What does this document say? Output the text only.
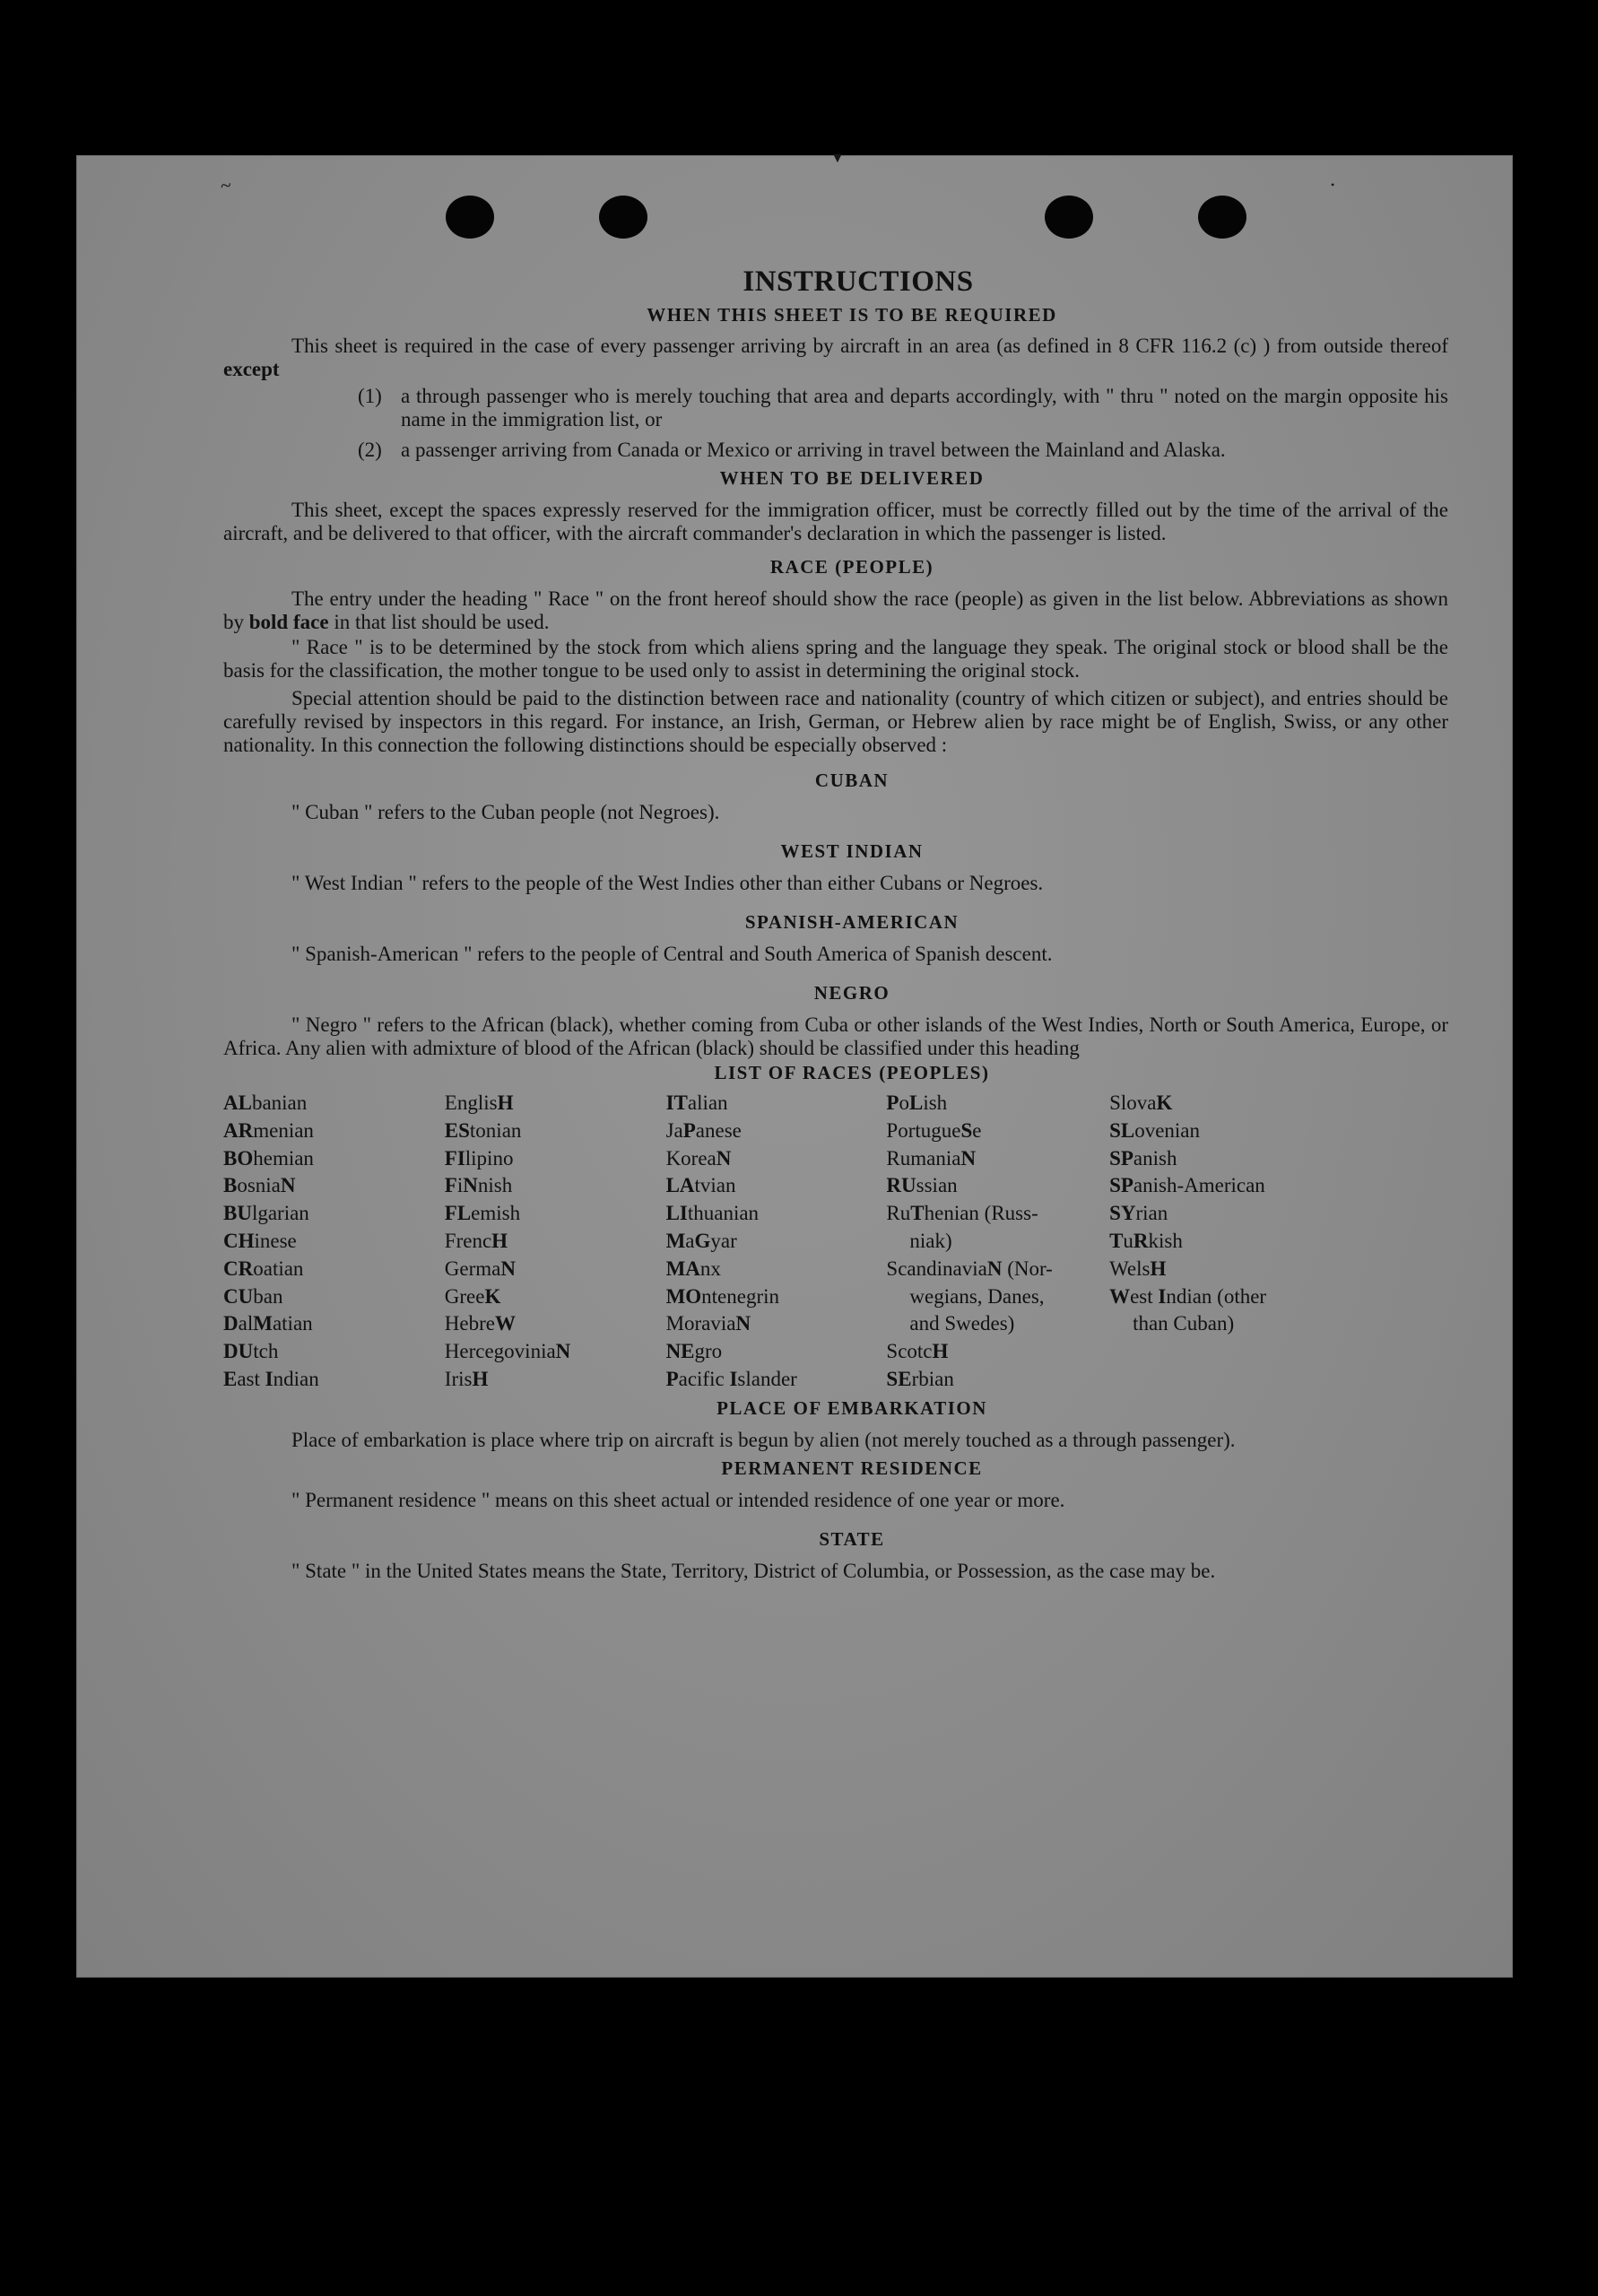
~
▼
•
INSTRUCTIONS
WHEN THIS SHEET IS TO BE REQUIRED

This sheet is required in the case of every passenger arriving by aircraft in an area (as defined in 8 CFR 116.2 (c) ) from outside thereof except

(1) a through passenger who is merely touching that area and departs accordingly, with " thru " noted on the margin opposite his name in the immigration list, or
(2) a passenger arriving from Canada or Mexico or arriving in travel between the Mainland and Alaska.
WHEN TO BE DELIVERED

This sheet, except the spaces expressly reserved for the immigration officer, must be correctly filled out by the time of the arrival of the aircraft, and be delivered to that officer, with the aircraft commander's declaration in which the passenger is listed.

RACE (PEOPLE)

The entry under the heading " Race " on the front hereof should show the race (people) as given in the list below. Abbreviations as shown by bold face in that list should be used.

" Race " is to be determined by the stock from which aliens spring and the language they speak. The original stock or blood shall be the basis for the classification, the mother tongue to be used only to assist in determining the original stock.

Special attention should be paid to the distinction between race and nationality (country of which citizen or subject), and entries should be carefully revised by inspectors in this regard. For instance, an Irish, German, or Hebrew alien by race might be of English, Swiss, or any other nationality. In this connection the following distinctions should be especially observed :

CUBAN

" Cuban " refers to the Cuban people (not Negroes).

WEST INDIAN

" West Indian " refers to the people of the West Indies other than either Cubans or Negroes.

SPANISH-AMERICAN

" Spanish-American " refers to the people of Central and South America of Spanish descent.

NEGRO

" Negro " refers to the African (black), whether coming from Cuba or other islands of the West Indies, North or South America, Europe, or Africa. Any alien with admixture of blood of the African (black) should be classified under this heading

LIST OF RACES (PEOPLES)
ALbanian
ARmenian
BOhemian
BosniaN
BUlgarian
CHinese
CRoatian
CUban
DalMatian
DUtch
East Indian
EnglisH
EStonian
FIlipino
FiNnish
FLemish
FrencH
GermaN
GreeK
HebreW
HercegoviniaN
IrisH
ITalian
JaPanese
KoreaN
LAtvian
LIthuanian
MaGyar
MAnx
MOntenegrin
MoraviaN
NEgro
Pacific Islander
PoLish
PortugueSe
RumaniaN
RUssian
RuThenian (Russ-
niak)
ScandinaviaN (Nor-
wegians, Danes,
and Swedes)
ScotcH
SErbian
SlovaK
SLovenian
SPanish
SPanish-American
SYrian
TuRkish
WelsH
West Indian (other
than Cuban)
PLACE OF EMBARKATION

Place of embarkation is place where trip on aircraft is begun by alien (not merely touched as a through passenger).

PERMANENT RESIDENCE

" Permanent residence " means on this sheet actual or intended residence of one year or more.

STATE

" State " in the United States means the State, Territory, District of Columbia, or Possession, as the case may be.
